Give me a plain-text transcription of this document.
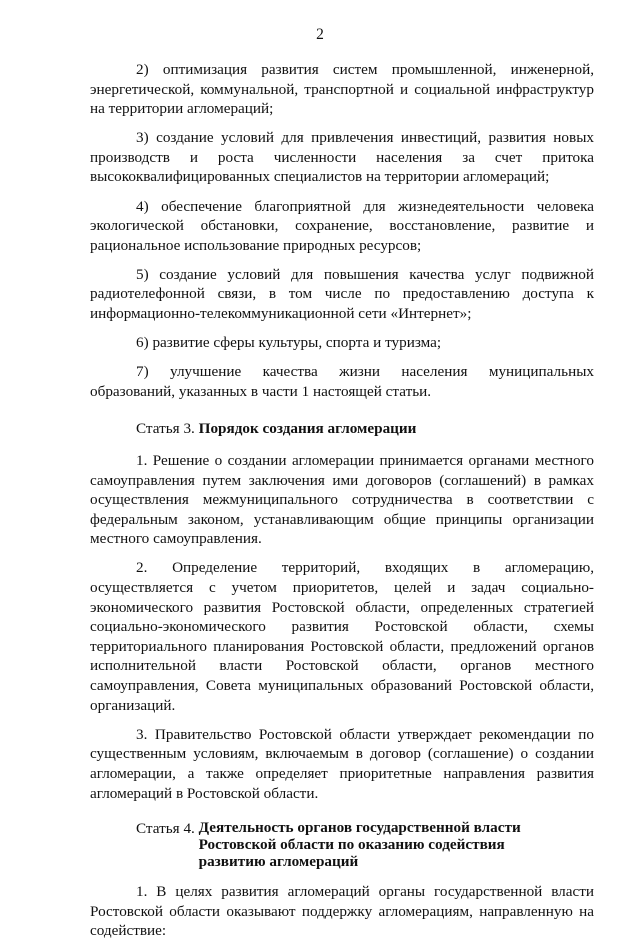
2

2) оптимизация развития систем промышленной, инженерной, энергетической, коммунальной, транспортной и социальной инфраструктур на территории агломераций;

3) создание условий для привлечения инвестиций, развития новых производств и роста численности населения за счет притока высококвалифицированных специалистов на территории агломераций;

4) обеспечение благоприятной для жизнедеятельности человека экологической обстановки, сохранение, восстановление, развитие и рациональное использование природных ресурсов;

5) создание условий для повышения качества услуг подвижной радиотелефонной связи, в том числе по предоставлению доступа к информационно-телекоммуникационной сети «Интернет»;

6) развитие сферы культуры, спорта и туризма;

7) улучшение качества жизни населения муниципальных образований, указанных в части 1 настоящей статьи.

Статья 3. Порядок создания агломерации

1. Решение о создании агломерации принимается органами местного самоуправления путем заключения ими договоров (соглашений) в рамках осуществления межмуниципального сотрудничества в соответствии с федеральным законом, устанавливающим общие принципы организации местного самоуправления.

2. Определение территорий, входящих в агломерацию, осуществляется с учетом приоритетов, целей и задач социально-экономического развития Ростовской области, определенных стратегией социально-экономического развития Ростовской области, схемы территориального планирования Ростовской области, предложений органов исполнительной власти Ростовской области, органов местного самоуправления, Совета муниципальных образований Ростовской области, организаций.

3. Правительство Ростовской области утверждает рекомендации по существенным условиям, включаемым в договор (соглашение) о создании агломерации, а также определяет приоритетные направления развития агломераций в Ростовской области.

Статья 4. Деятельность органов государственной власти
Ростовской области по оказанию содействия
развитию агломераций

1. В целях развития агломераций органы государственной власти Ростовской области оказывают поддержку агломерациям, направленную на содействие:
